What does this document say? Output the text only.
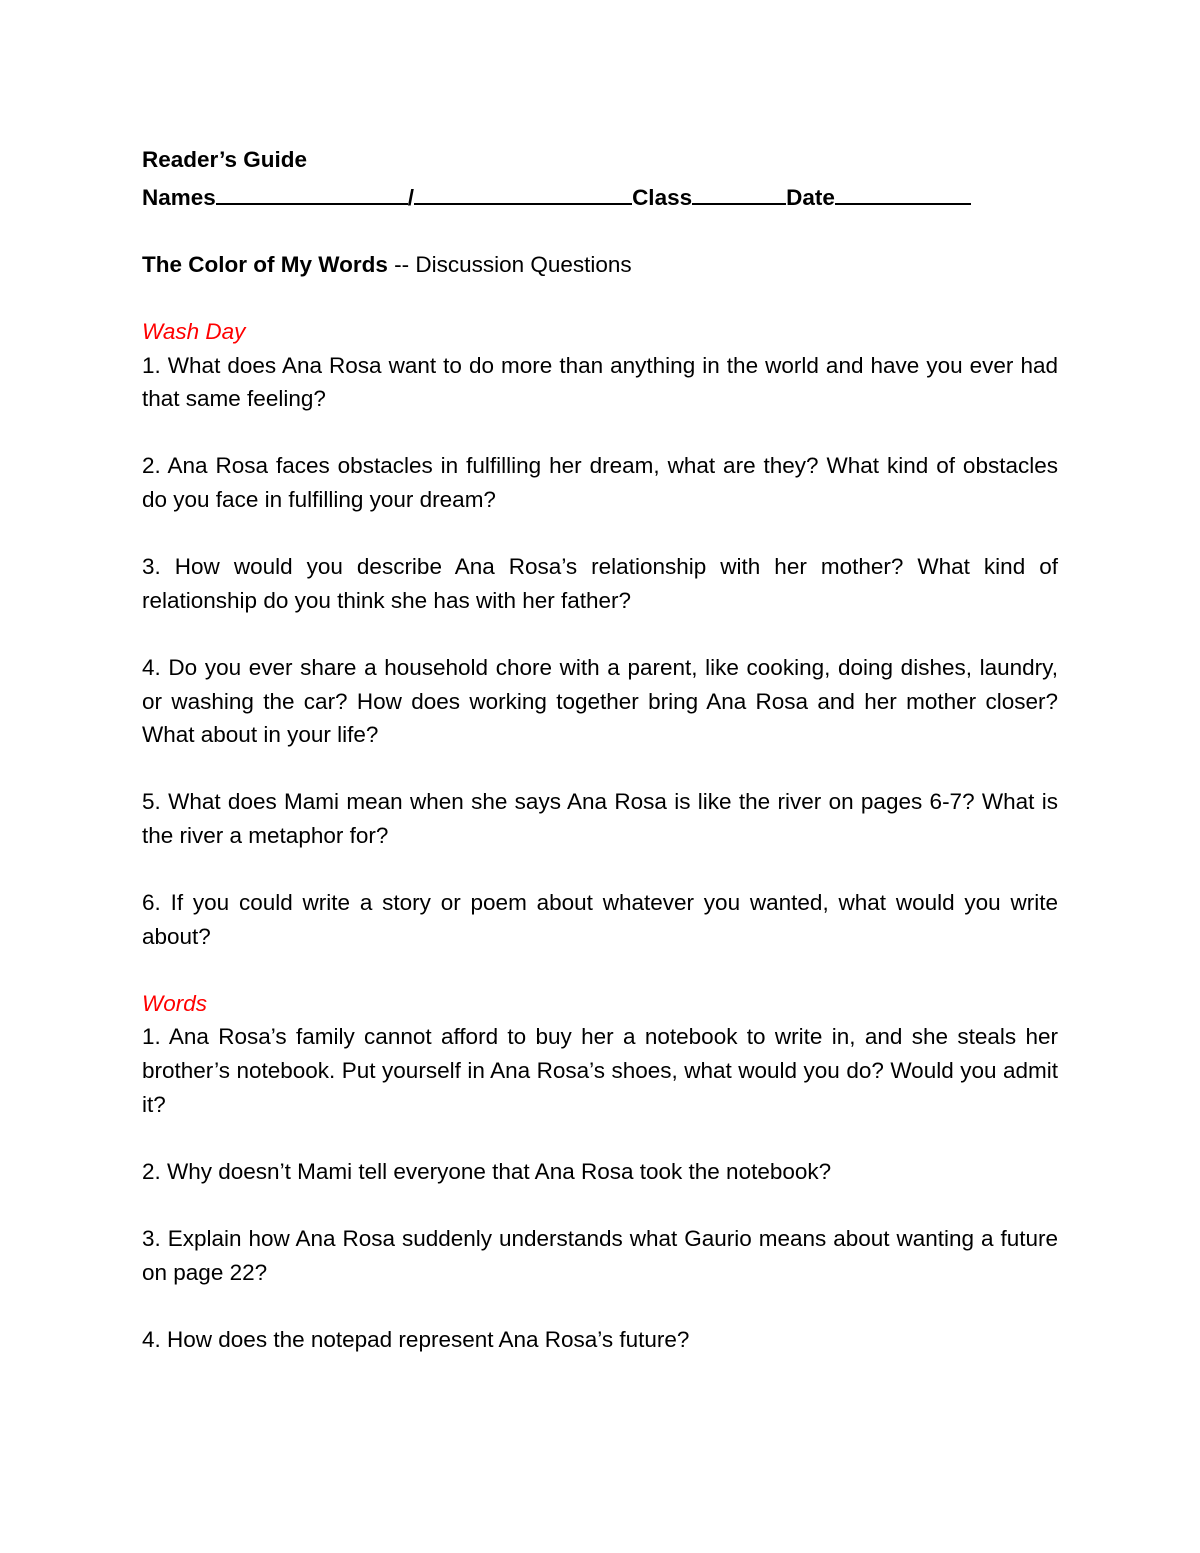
Reader’s Guide

Names	/	Class	Date

The Color of My Words -- Discussion Questions

Wash Day

1. What does Ana Rosa want to do more than anything in the world and have you ever had that same feeling?

2. Ana Rosa faces obstacles in fulfilling her dream, what are they? What kind of obstacles do you face in fulfilling your dream?

3. How would you describe Ana Rosa’s relationship with her mother? What kind of relationship do you think she has with her father?

4. Do you ever share a household chore with a parent, like cooking, doing dishes, laundry, or washing the car? How does working together bring Ana Rosa and her mother closer? What about in your life?

5. What does Mami mean when she says Ana Rosa is like the river on pages 6-7? What is the river a metaphor for?

6. If you could write a story or poem about whatever you wanted, what would you write about?

Words

1. Ana Rosa’s family cannot afford to buy her a notebook to write in, and she steals her brother’s notebook. Put yourself in Ana Rosa’s shoes, what would you do? Would you admit it?

2. Why doesn’t Mami tell everyone that Ana Rosa took the notebook?

3. Explain how Ana Rosa suddenly understands what Gaurio means about wanting a future on page 22?

4. How does the notepad represent Ana Rosa’s future?
